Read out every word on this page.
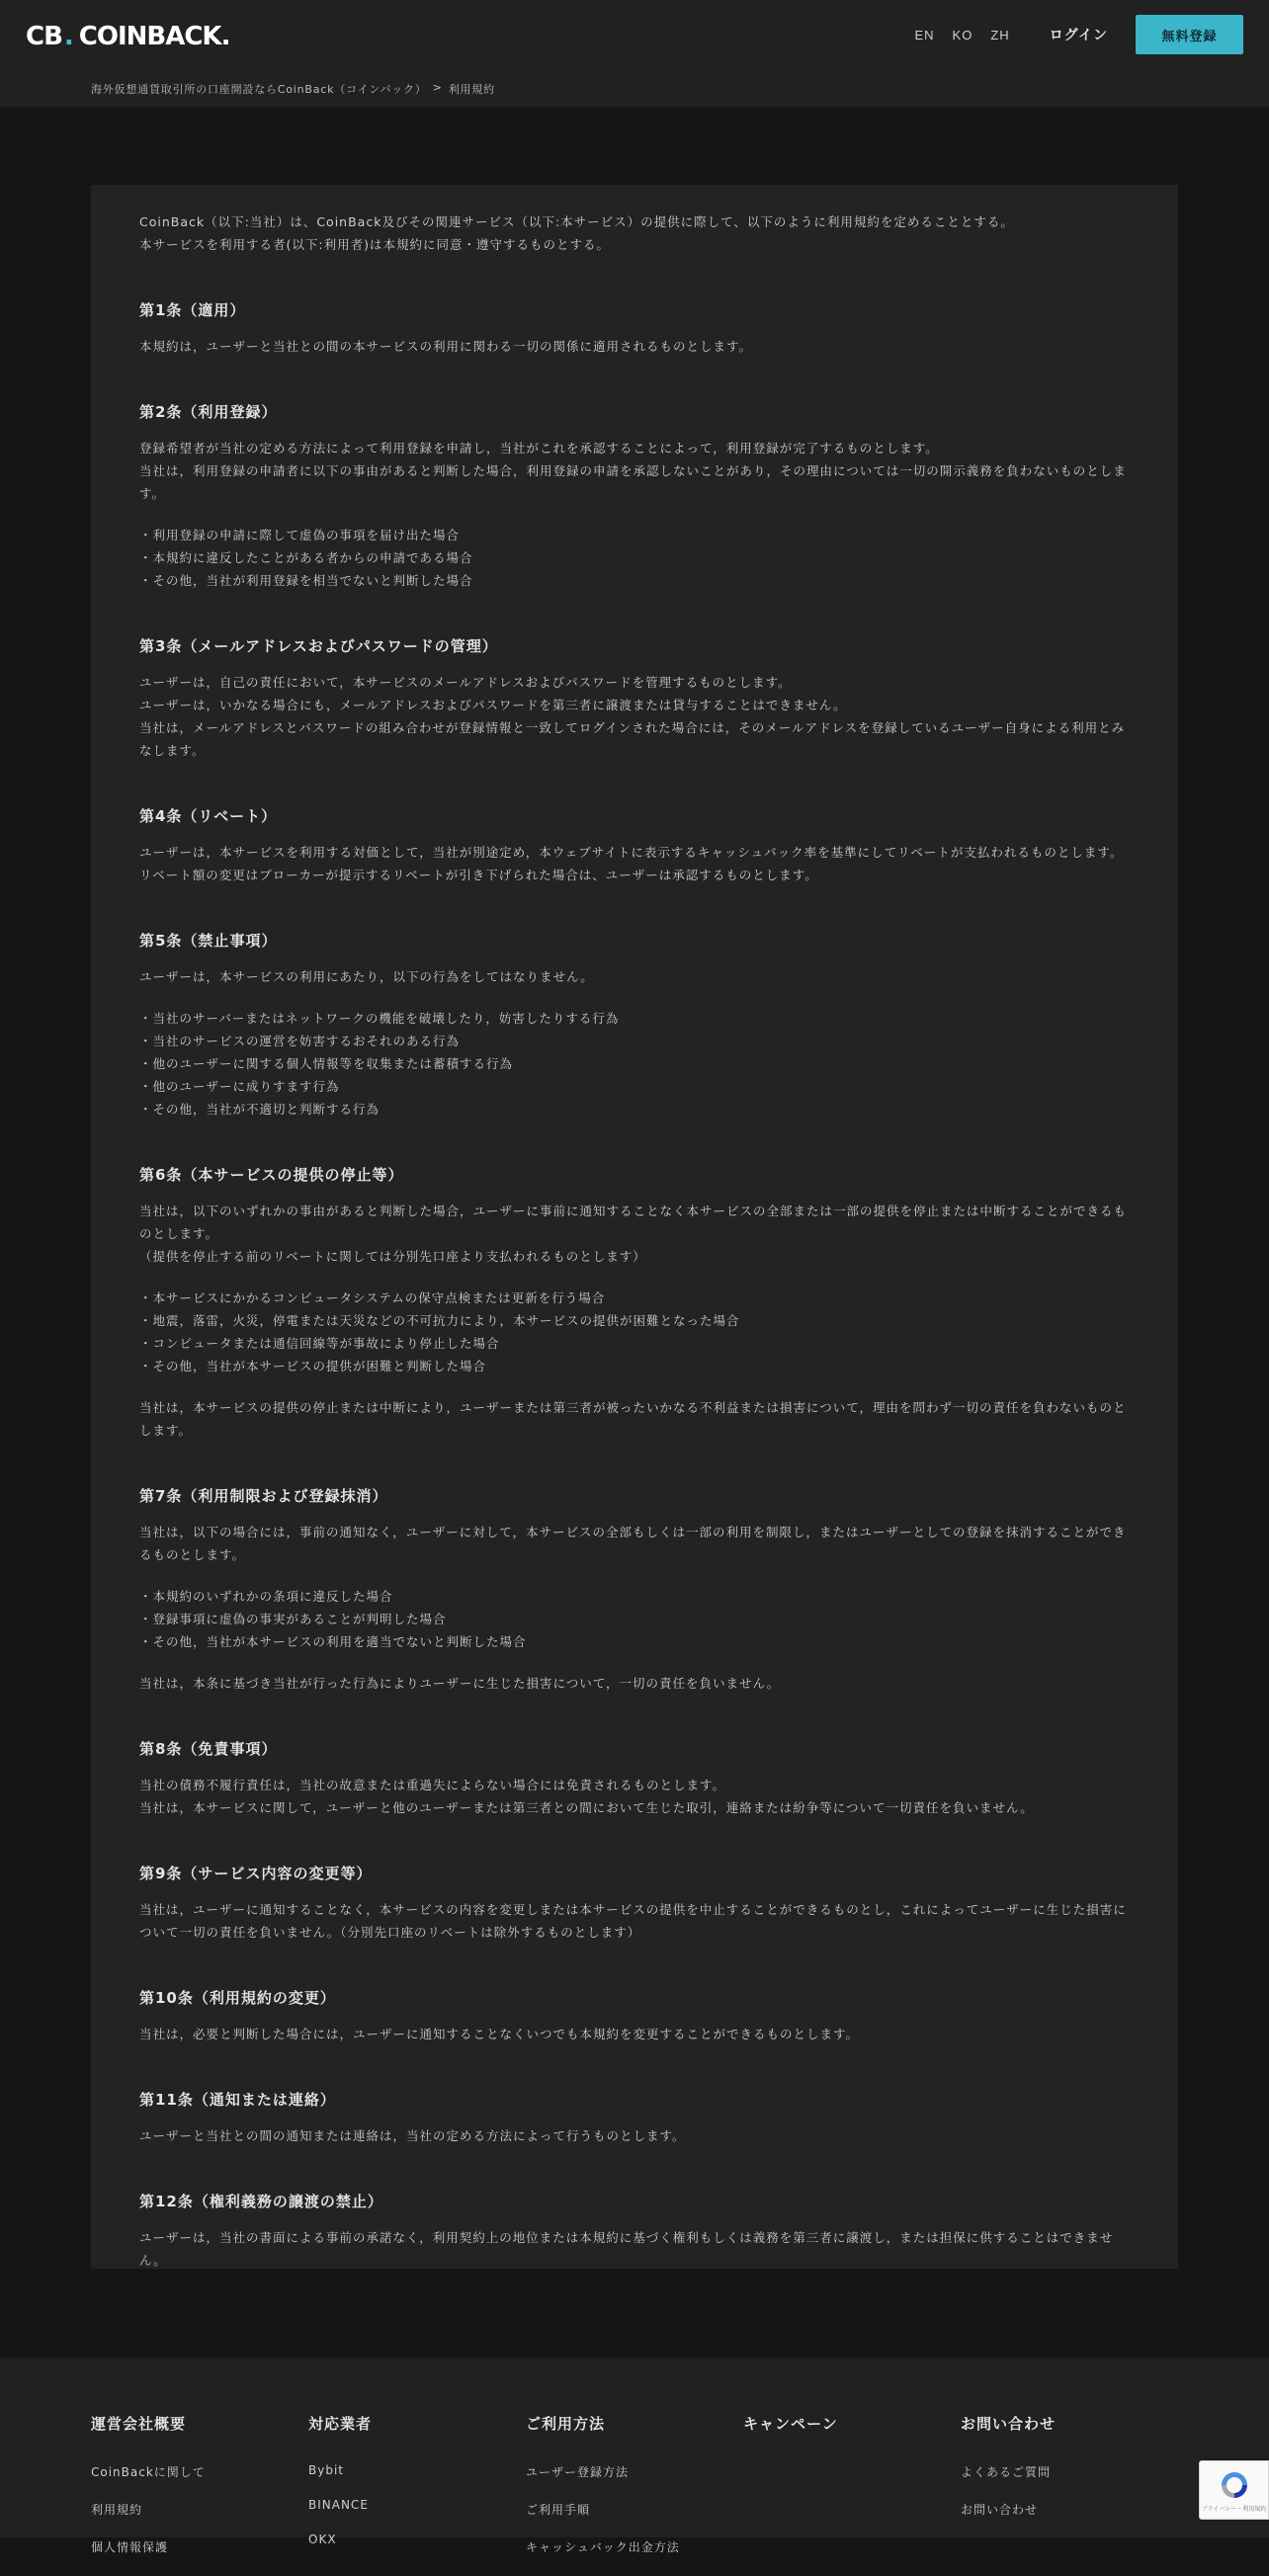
CB . COINBACK.	EN KO ZH	ログイン	無料登録
海外仮想通貨取引所の口座開設ならCoinBack（コインバック） > 利用規約

CoinBack（以下:当社）は、CoinBack及びその関連サービス（以下:本サービス）の提供に際して、以下のように利用規約を定めることとする。

本サービスを利用する者(以下:利用者)は本規約に同意・遵守するものとする。

第1条（適用）

本規約は，ユーザーと当社との間の本サービスの利用に関わる一切の関係に適用されるものとします。

第2条（利用登録）

登録希望者が当社の定める方法によって利用登録を申請し，当社がこれを承認することによって，利用登録が完了するものとします。

当社は，利用登録の申請者に以下の事由があると判断した場合，利用登録の申請を承認しないことがあり，その理由については一切の開示義務を負わないものとします。

・利用登録の申請に際して虚偽の事項を届け出た場合
・本規約に違反したことがある者からの申請である場合
・その他，当社が利用登録を相当でないと判断した場合
第3条（メールアドレスおよびパスワードの管理）

ユーザーは，自己の責任において，本サービスのメールアドレスおよびパスワードを管理するものとします。

ユーザーは，いかなる場合にも，メールアドレスおよびパスワードを第三者に譲渡または貸与することはできません。

当社は，メールアドレスとパスワードの組み合わせが登録情報と一致してログインされた場合には，そのメールアドレスを登録しているユーザー自身による利用とみなします。

第4条（リベート）

ユーザーは，本サービスを利用する対価として，当社が別途定め，本ウェブサイトに表示するキャッシュバック率を基準にしてリベートが支払われるものとします。

リベート額の変更はブローカーが提示するリベートが引き下げられた場合は、ユーザーは承認するものとします。

第5条（禁止事項）

ユーザーは，本サービスの利用にあたり，以下の行為をしてはなりません。

・当社のサーバーまたはネットワークの機能を破壊したり，妨害したりする行為
・当社のサービスの運営を妨害するおそれのある行為
・他のユーザーに関する個人情報等を収集または蓄積する行為
・他のユーザーに成りすます行為
・その他，当社が不適切と判断する行為
第6条（本サービスの提供の停止等）

当社は，以下のいずれかの事由があると判断した場合，ユーザーに事前に通知することなく本サービスの全部または一部の提供を停止または中断することができるものとします。

（提供を停止する前のリベートに関しては分別先口座より支払われるものとします）

・本サービスにかかるコンピュータシステムの保守点検または更新を行う場合
・地震，落雷，火災，停電または天災などの不可抗力により，本サービスの提供が困難となった場合
・コンピュータまたは通信回線等が事故により停止した場合
・その他，当社が本サービスの提供が困難と判断した場合

当社は，本サービスの提供の停止または中断により，ユーザーまたは第三者が被ったいかなる不利益または損害について，理由を問わず一切の責任を負わないものとします。

第7条（利用制限および登録抹消）

当社は，以下の場合には，事前の通知なく，ユーザーに対して，本サービスの全部もしくは一部の利用を制限し，またはユーザーとしての登録を抹消することができるものとします。

・本規約のいずれかの条項に違反した場合
・登録事項に虚偽の事実があることが判明した場合
・その他，当社が本サービスの利用を適当でないと判断した場合

当社は，本条に基づき当社が行った行為によりユーザーに生じた損害について，一切の責任を負いません。

第8条（免責事項）

当社の債務不履行責任は，当社の故意または重過失によらない場合には免責されるものとします。

当社は，本サービスに関して，ユーザーと他のユーザーまたは第三者との間において生じた取引，連絡または紛争等について一切責任を負いません。

第9条（サービス内容の変更等）

当社は，ユーザーに通知することなく，本サービスの内容を変更しまたは本サービスの提供を中止することができるものとし，これによってユーザーに生じた損害について一切の責任を負いません。（分別先口座のリベートは除外するものとします）

第10条（利用規約の変更）

当社は，必要と判断した場合には，ユーザーに通知することなくいつでも本規約を変更することができるものとします。

第11条（通知または連絡）

ユーザーと当社との間の通知または連絡は，当社の定める方法によって行うものとします。

第12条（権利義務の譲渡の禁止）

ユーザーは，当社の書面による事前の承諾なく，利用契約上の地位または本規約に基づく権利もしくは義務を第三者に譲渡し，または担保に供することはできません。

運営会社概要
CoinBackに関して
利用規約
個人情報保護
対応業者
Bybit
BINANCE
OKX
ご利用方法
ユーザー登録方法
ご利用手順
キャッシュバック出金方法
キャンペーン	お問い合わせ
よくあるご質問
お問い合わせ	プライバシー・利用規約
